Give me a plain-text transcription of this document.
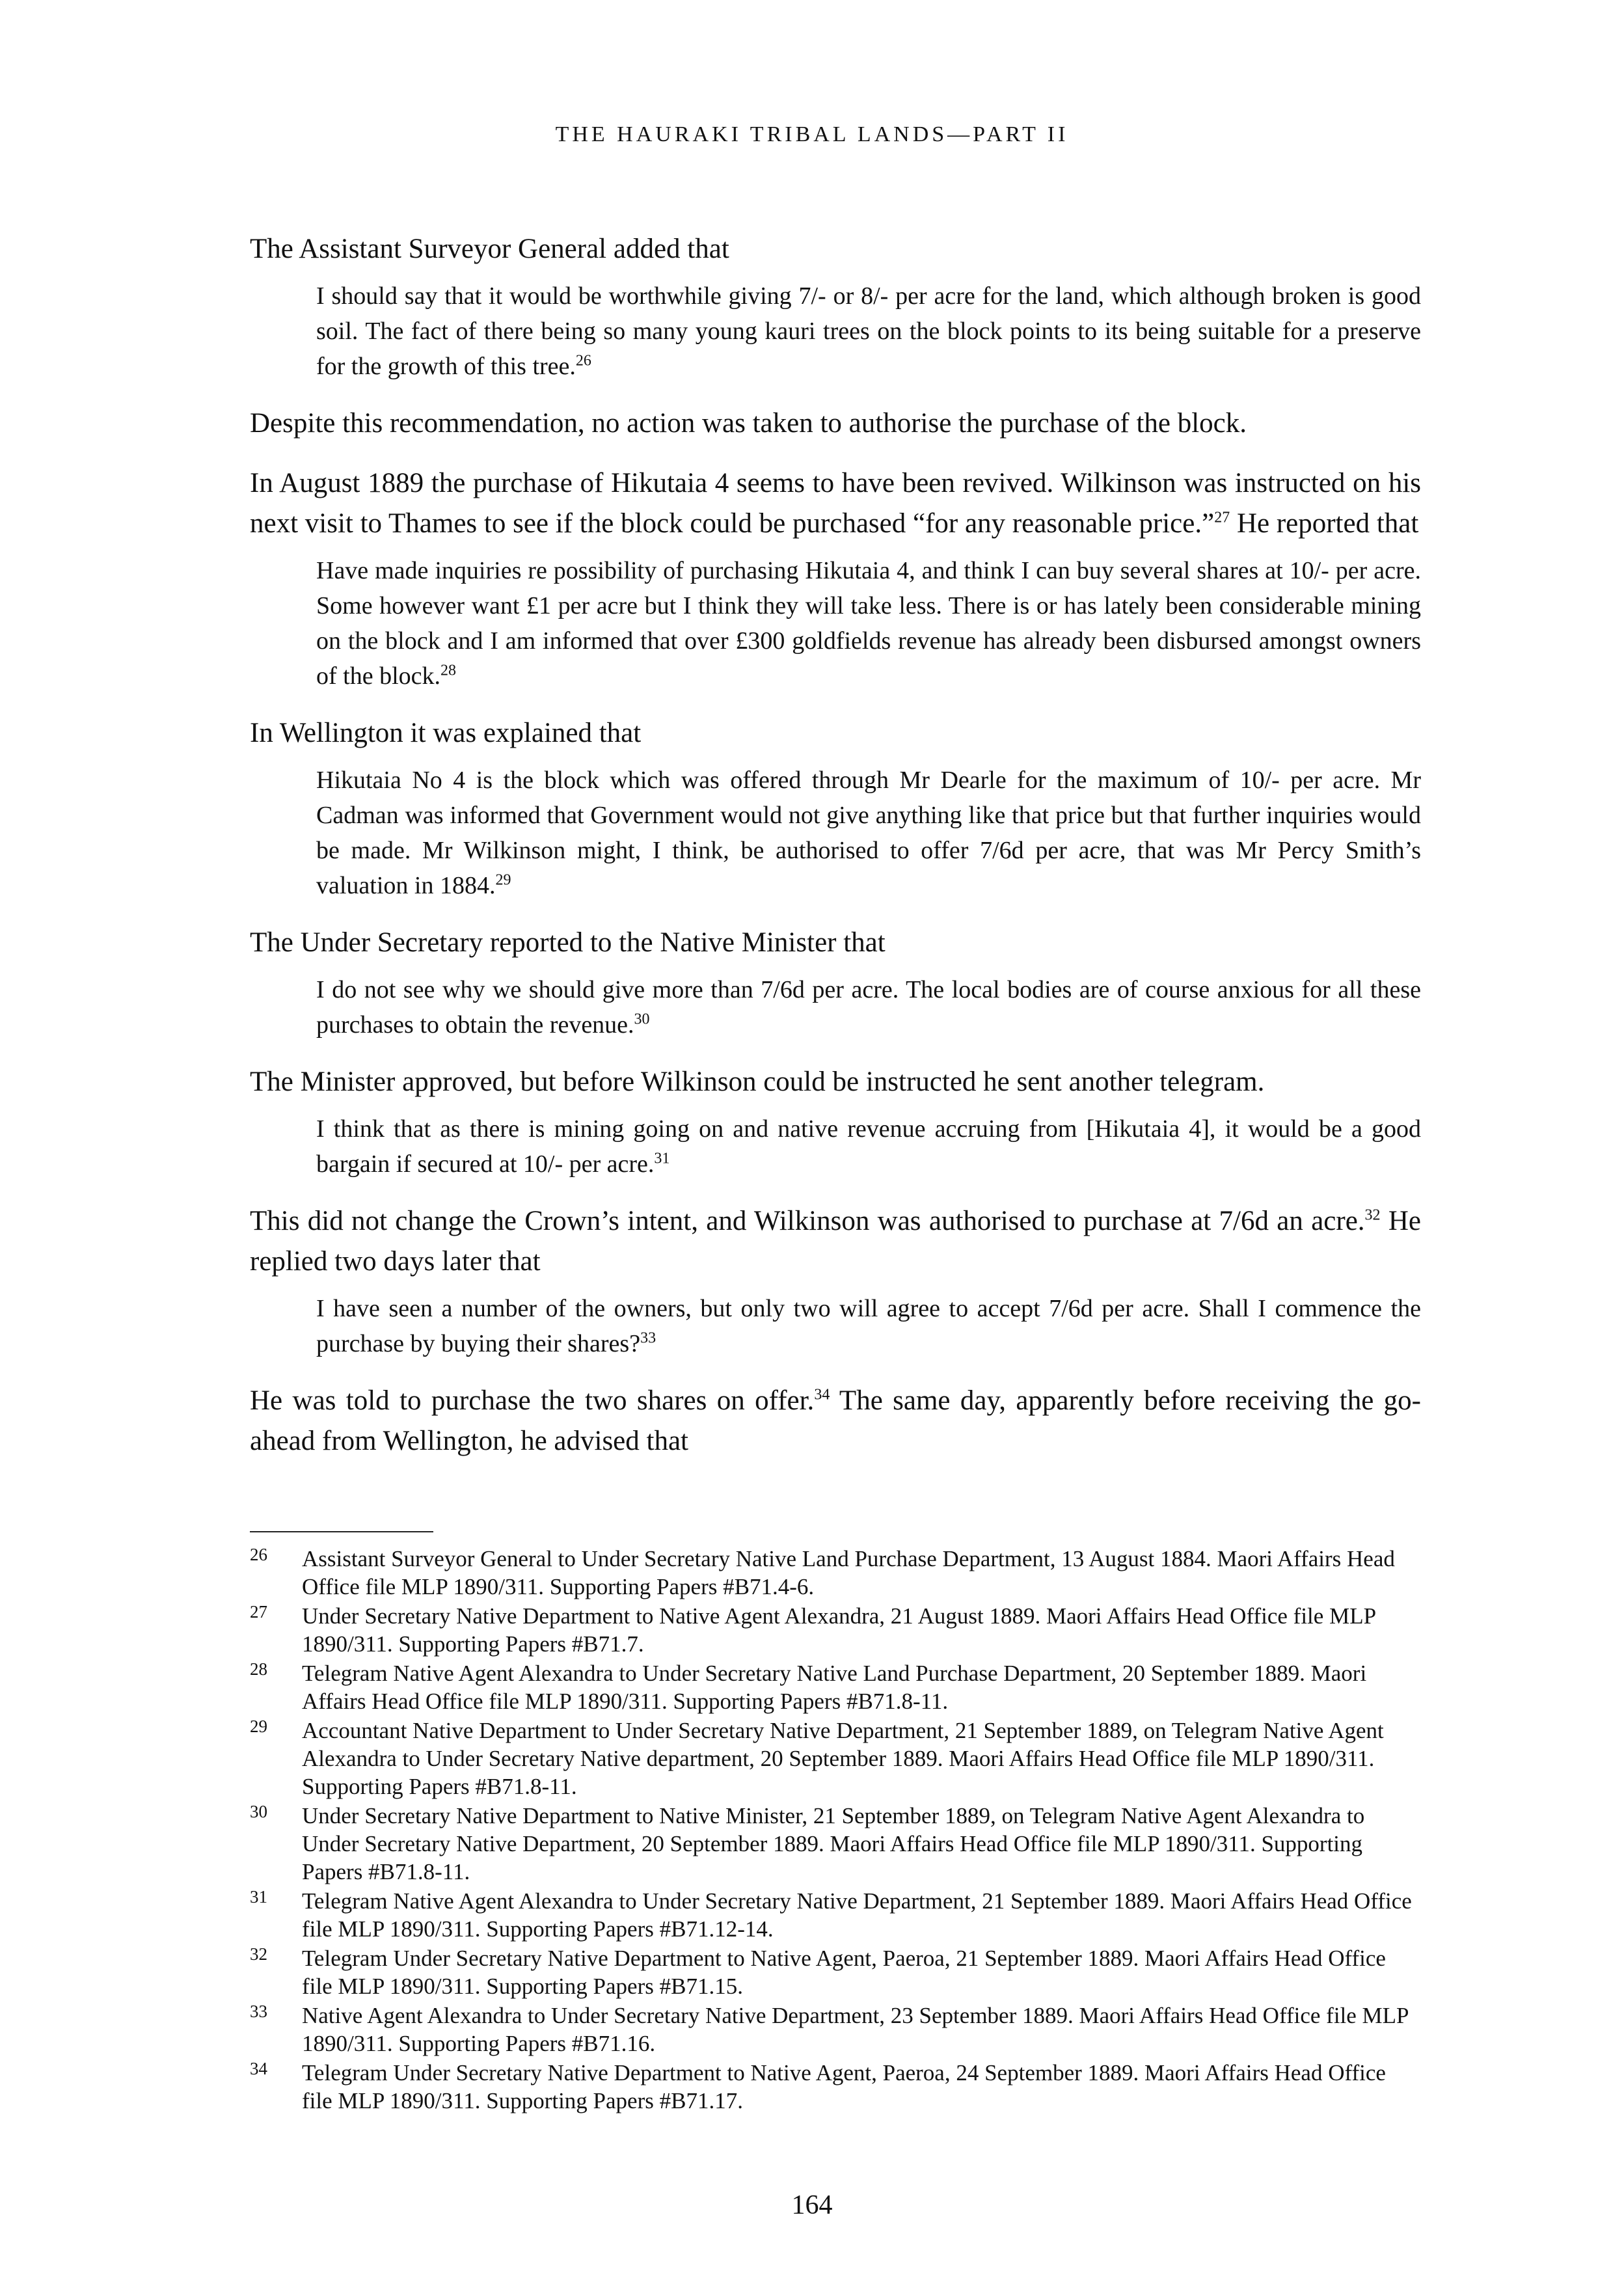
THE HAURAKI TRIBAL LANDS—PART II

The Assistant Surveyor General added that

I should say that it would be worthwhile giving 7/- or 8/- per acre for the land, which although broken is good soil. The fact of there being so many young kauri trees on the block points to its being suitable for a preserve for the growth of this tree.$^{26}$

Despite this recommendation, no action was taken to authorise the purchase of the block.

In August 1889 the purchase of Hikutaia 4 seems to have been revived. Wilkinson was instructed on his next visit to Thames to see if the block could be purchased “for any reasonable price.”$^{27}$ He reported that

Have made inquiries re possibility of purchasing Hikutaia 4, and think I can buy several shares at 10/- per acre. Some however want £1 per acre but I think they will take less. There is or has lately been considerable mining on the block and I am informed that over £300 goldfields revenue has already been disbursed amongst owners of the block.$^{28}$

In Wellington it was explained that

Hikutaia No 4 is the block which was offered through Mr Dearle for the maximum of 10/- per acre. Mr Cadman was informed that Government would not give anything like that price but that further inquiries would be made. Mr Wilkinson might, I think, be authorised to offer 7/6d per acre, that was Mr Percy Smith’s valuation in 1884.29

The Under Secretary reported to the Native Minister that

I do not see why we should give more than 7/6d per acre. The local bodies are of course anxious for all these purchases to obtain the revenue.$^{30}$

The Minister approved, but before Wilkinson could be instructed he sent another telegram.

I think that as there is mining going on and native revenue accruing from [Hikutaia 4], it would be a good bargain if secured at 10/- per acre.$^{31}$

This did not change the Crown’s intent, and Wilkinson was authorised to purchase at 7/6d an acre.$^{32}$ He replied two days later that

I have seen a number of the owners, but only two will agree to accept 7/6d per acre. Shall I commence the purchase by buying their shares?$^{33}$

He was told to purchase the two shares on offer.$^{34}$ The same day, apparently before receiving the go-ahead from Wellington, he advised that

26	Assistant Surveyor General to Under Secretary Native Land Purchase Department, 13 August 1884. Maori Affairs Head Office file MLP 1890/311. Supporting Papers #B71.4-6.
27	Under Secretary Native Department to Native Agent Alexandra, 21 August 1889. Maori Affairs Head Office file MLP 1890/311. Supporting Papers #B71.7.
28	Telegram Native Agent Alexandra to Under Secretary Native Land Purchase Department, 20 September 1889. Maori Affairs Head Office file MLP 1890/311. Supporting Papers #B71.8-11.
29	Accountant Native Department to Under Secretary Native Department, 21 September 1889, on Telegram Native Agent Alexandra to Under Secretary Native department, 20 September 1889. Maori Affairs Head Office file MLP 1890/311. Supporting Papers #B71.8-11.
30	Under Secretary Native Department to Native Minister, 21 September 1889, on Telegram Native Agent Alexandra to Under Secretary Native Department, 20 September 1889. Maori Affairs Head Office file MLP 1890/311. Supporting Papers #B71.8-11.
31	Telegram Native Agent Alexandra to Under Secretary Native Department, 21 September 1889. Maori Affairs Head Office file MLP 1890/311. Supporting Papers #B71.12-14.
32	Telegram Under Secretary Native Department to Native Agent, Paeroa, 21 September 1889. Maori Affairs Head Office file MLP 1890/311. Supporting Papers #B71.15.
33	Native Agent Alexandra to Under Secretary Native Department, 23 September 1889. Maori Affairs Head Office file MLP 1890/311. Supporting Papers #B71.16.
34	Telegram Under Secretary Native Department to Native Agent, Paeroa, 24 September 1889. Maori Affairs Head Office file MLP 1890/311. Supporting Papers #B71.17.
164
